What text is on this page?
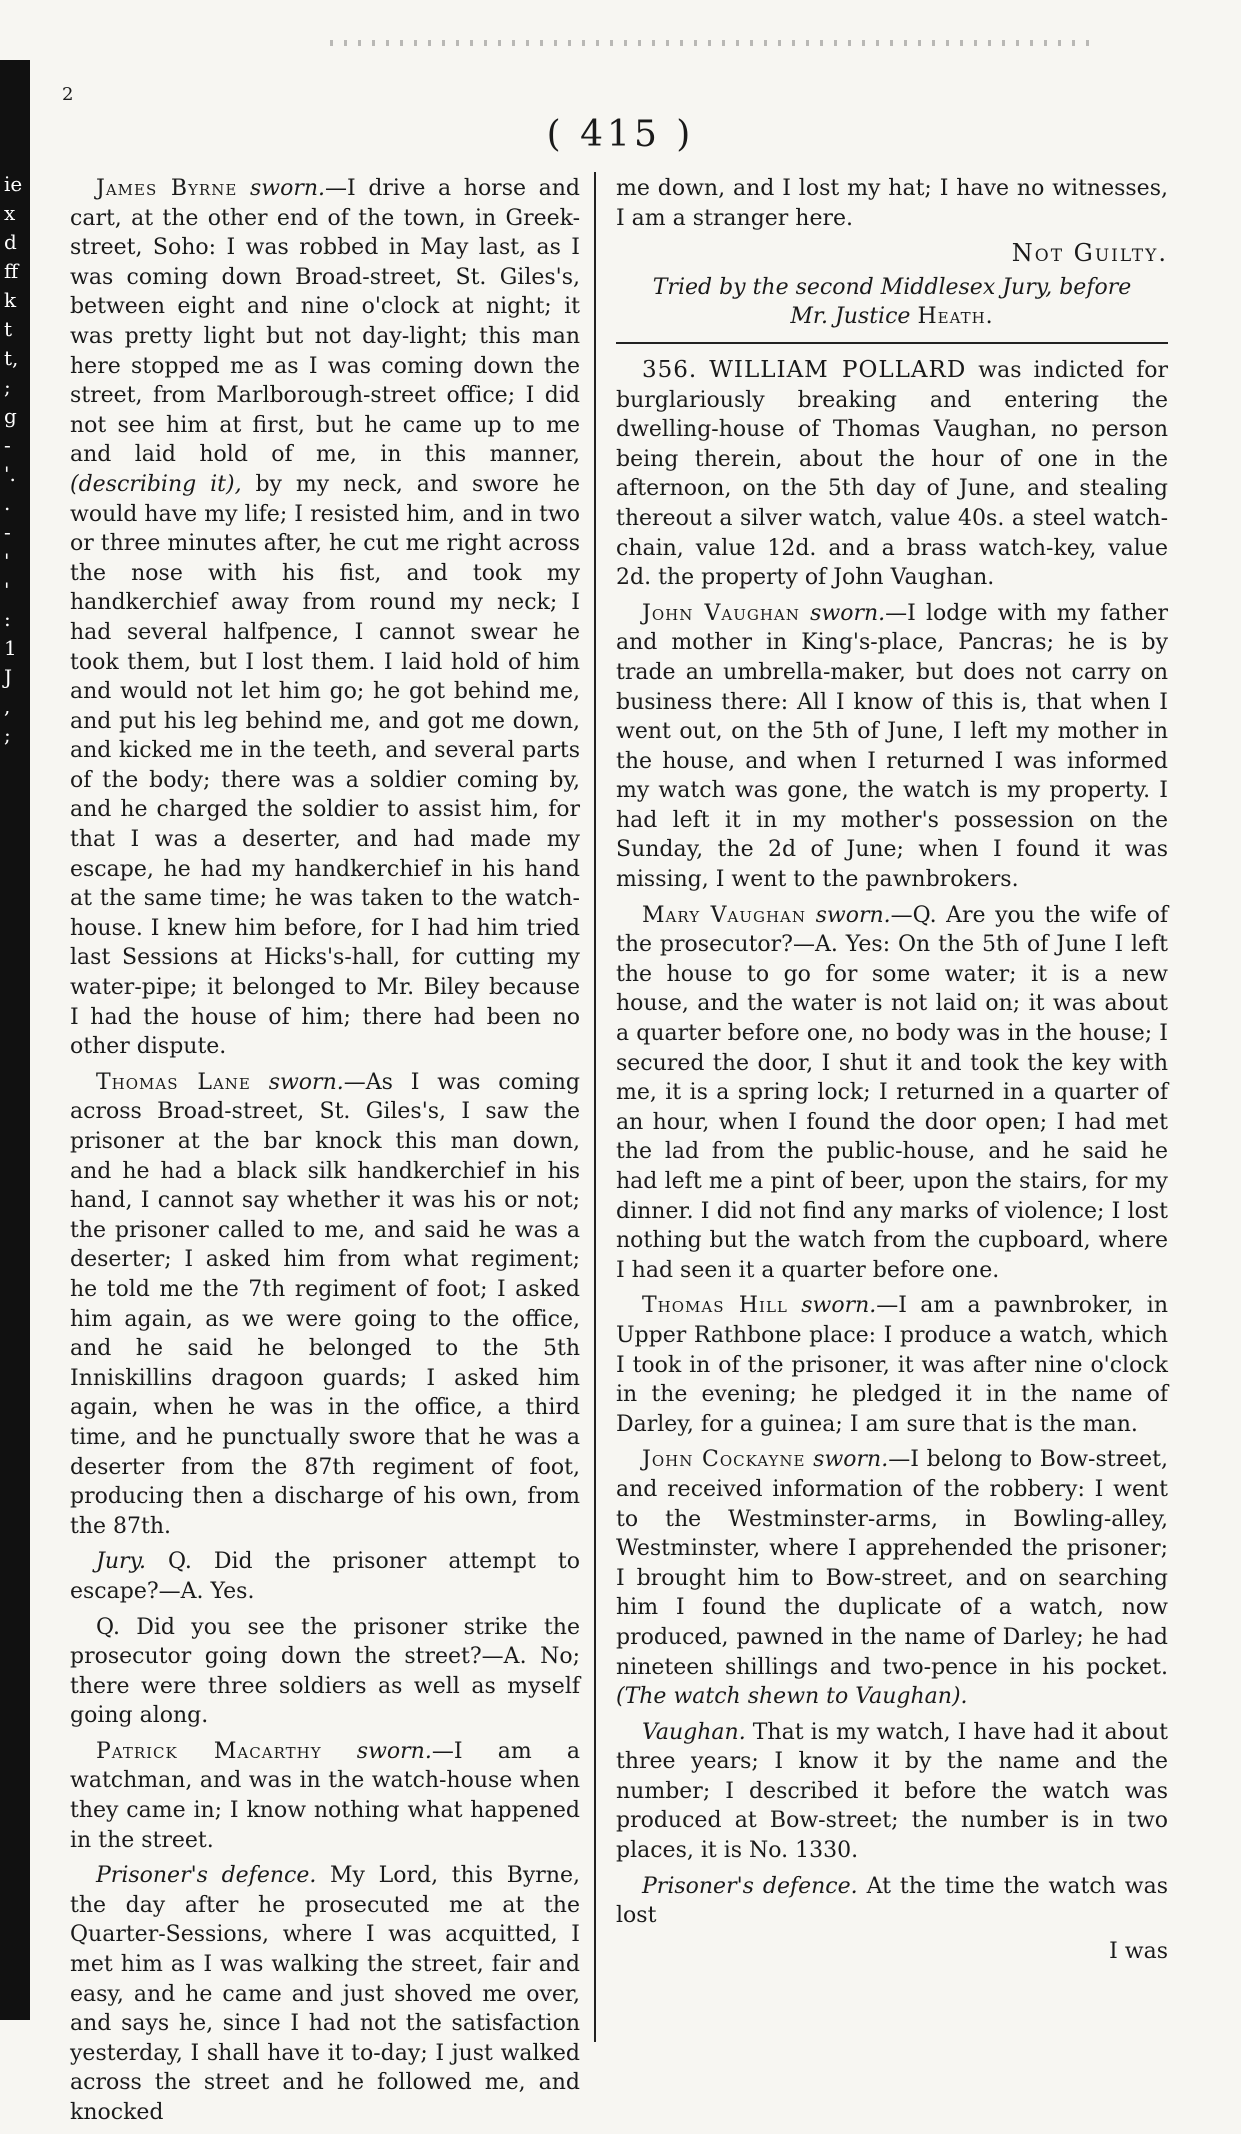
ie
x
d
ff
k
t
t,
;
g
-
'.
.
-
'
'
:
1
J
,
;
2
( 415 )

James Byrne sworn.—I drive a horse and cart, at the other end of the town, in Greek-street, Soho: I was robbed in May last, as I was coming down Broad-street, St. Giles's, between eight and nine o'clock at night; it was pretty light but not day-light; this man here stopped me as I was coming down the street, from Marlborough-street office; I did not see him at first, but he came up to me and laid hold of me, in this manner, (describing it), by my neck, and swore he would have my life; I resisted him, and in two or three minutes after, he cut me right across the nose with his fist, and took my handkerchief away from round my neck; I had several halfpence, I cannot swear he took them, but I lost them. I laid hold of him and would not let him go; he got behind me, and put his leg behind me, and got me down, and kicked me in the teeth, and several parts of the body; there was a soldier coming by, and he charged the soldier to assist him, for that I was a deserter, and had made my escape, he had my handkerchief in his hand at the same time; he was taken to the watch-house. I knew him before, for I had him tried last Sessions at Hicks's-hall, for cutting my water-pipe; it belonged to Mr. Biley because I had the house of him; there had been no other dispute.

Thomas Lane sworn.—As I was coming across Broad-street, St. Giles's, I saw the prisoner at the bar knock this man down, and he had a black silk handkerchief in his hand, I cannot say whether it was his or not; the prisoner called to me, and said he was a deserter; I asked him from what regiment; he told me the 7th regiment of foot; I asked him again, as we were going to the office, and he said he belonged to the 5th Inniskillins dragoon guards; I asked him again, when he was in the office, a third time, and he punctually swore that he was a deserter from the 87th regiment of foot, producing then a discharge of his own, from the 87th.

Jury. Q. Did the prisoner attempt to escape?—A. Yes.

Q. Did you see the prisoner strike the prosecutor going down the street?—A. No; there were three soldiers as well as myself going along.

Patrick Macarthy sworn.—I am a watchman, and was in the watch-house when they came in; I know nothing what happened in the street.

Prisoner's defence. My Lord, this Byrne, the day after he prosecuted me at the Quarter-Sessions, where I was acquitted, I met him as I was walking the street, fair and easy, and he came and just shoved me over, and says he, since I had not the satisfaction yesterday, I shall have it to-day; I just walked across the street and he followed me, and knocked

me down, and I lost my hat; I have no witnesses, I am a stranger here.

Not Guilty.
Tried by the second Middlesex Jury, before
Mr. Justice Heath.

356. WILLIAM POLLARD was indicted for burglariously breaking and entering the dwelling-house of Thomas Vaughan, no person being therein, about the hour of one in the afternoon, on the 5th day of June, and stealing thereout a silver watch, value 40s. a steel watch-chain, value 12d. and a brass watch-key, value 2d. the property of John Vaughan.

John Vaughan sworn.—I lodge with my father and mother in King's-place, Pancras; he is by trade an umbrella-maker, but does not carry on business there: All I know of this is, that when I went out, on the 5th of June, I left my mother in the house, and when I returned I was informed my watch was gone, the watch is my property. I had left it in my mother's possession on the Sunday, the 2d of June; when I found it was missing, I went to the pawnbrokers.

Mary Vaughan sworn.—Q. Are you the wife of the prosecutor?—A. Yes: On the 5th of June I left the house to go for some water; it is a new house, and the water is not laid on; it was about a quarter before one, no body was in the house; I secured the door, I shut it and took the key with me, it is a spring lock; I returned in a quarter of an hour, when I found the door open; I had met the lad from the public-house, and he said he had left me a pint of beer, upon the stairs, for my dinner. I did not find any marks of violence; I lost nothing but the watch from the cupboard, where I had seen it a quarter before one.

Thomas Hill sworn.—I am a pawnbroker, in Upper Rathbone place: I produce a watch, which I took in of the prisoner, it was after nine o'clock in the evening; he pledged it in the name of Darley, for a guinea; I am sure that is the man.

John Cockayne sworn.—I belong to Bow-street, and received information of the robbery: I went to the Westminster-arms, in Bowling-alley, Westminster, where I apprehended the prisoner; I brought him to Bow-street, and on searching him I found the duplicate of a watch, now produced, pawned in the name of Darley; he had nineteen shillings and two-pence in his pocket. (The watch shewn to Vaughan).

Vaughan. That is my watch, I have had it about three years; I know it by the name and the number; I described it before the watch was produced at Bow-street; the number is in two places, it is No. 1330.

Prisoner's defence. At the time the watch was lost

I was
